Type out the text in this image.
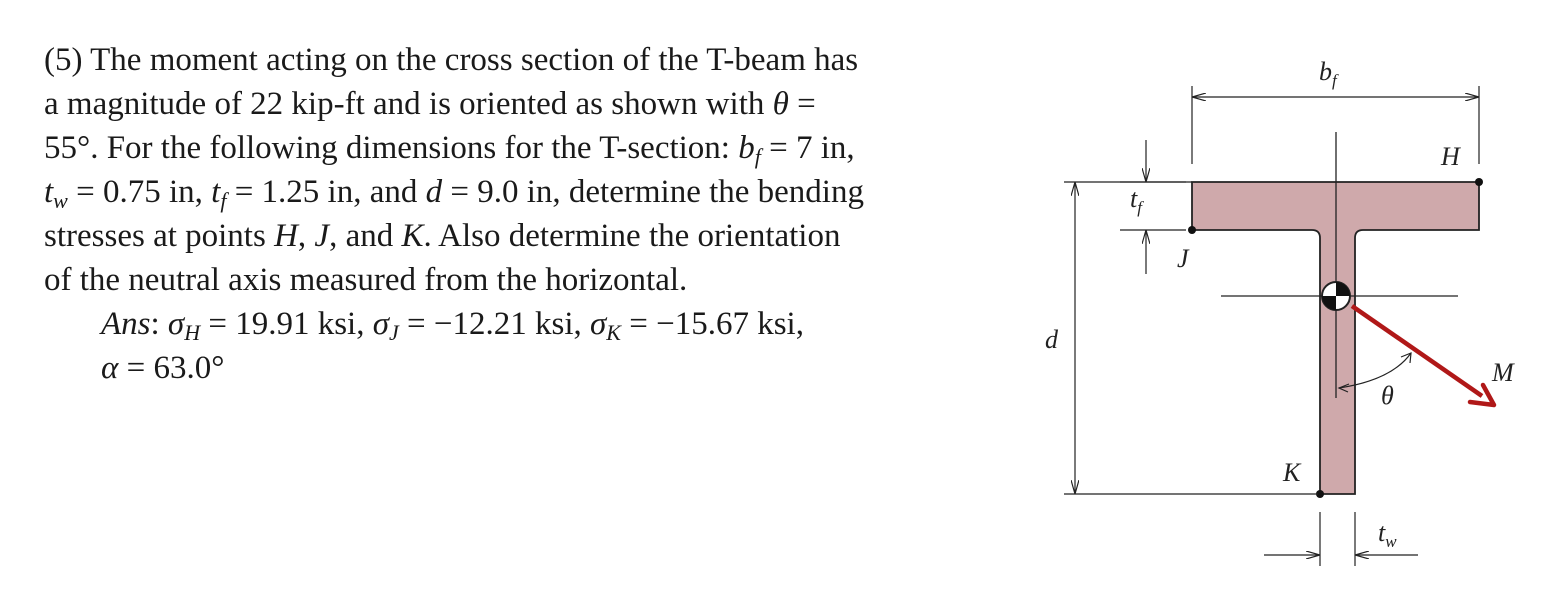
(5) The moment acting on the cross section of the T-beam has
a magnitude of 22 kip-ft and is oriented as shown with θ =
55°. For the following dimensions for the T-section: $b_f = 7$ in,
$t_w = 0.75$ in, $t_f = 1.25$ in, and d = 9.0 in, determine the bending
stresses at points H, J, and K. Also determine the orientation
of the neutral axis measured from the horizontal.
Ans: $\sigma_H = 19.91$ ksi, $\sigma_J = -12.21$ ksi, $\sigma_K = -15.67$ ksi,
α = 63.0°
$b_f$
H
$t_f$
J
d
M
θ
K
$t_w$
